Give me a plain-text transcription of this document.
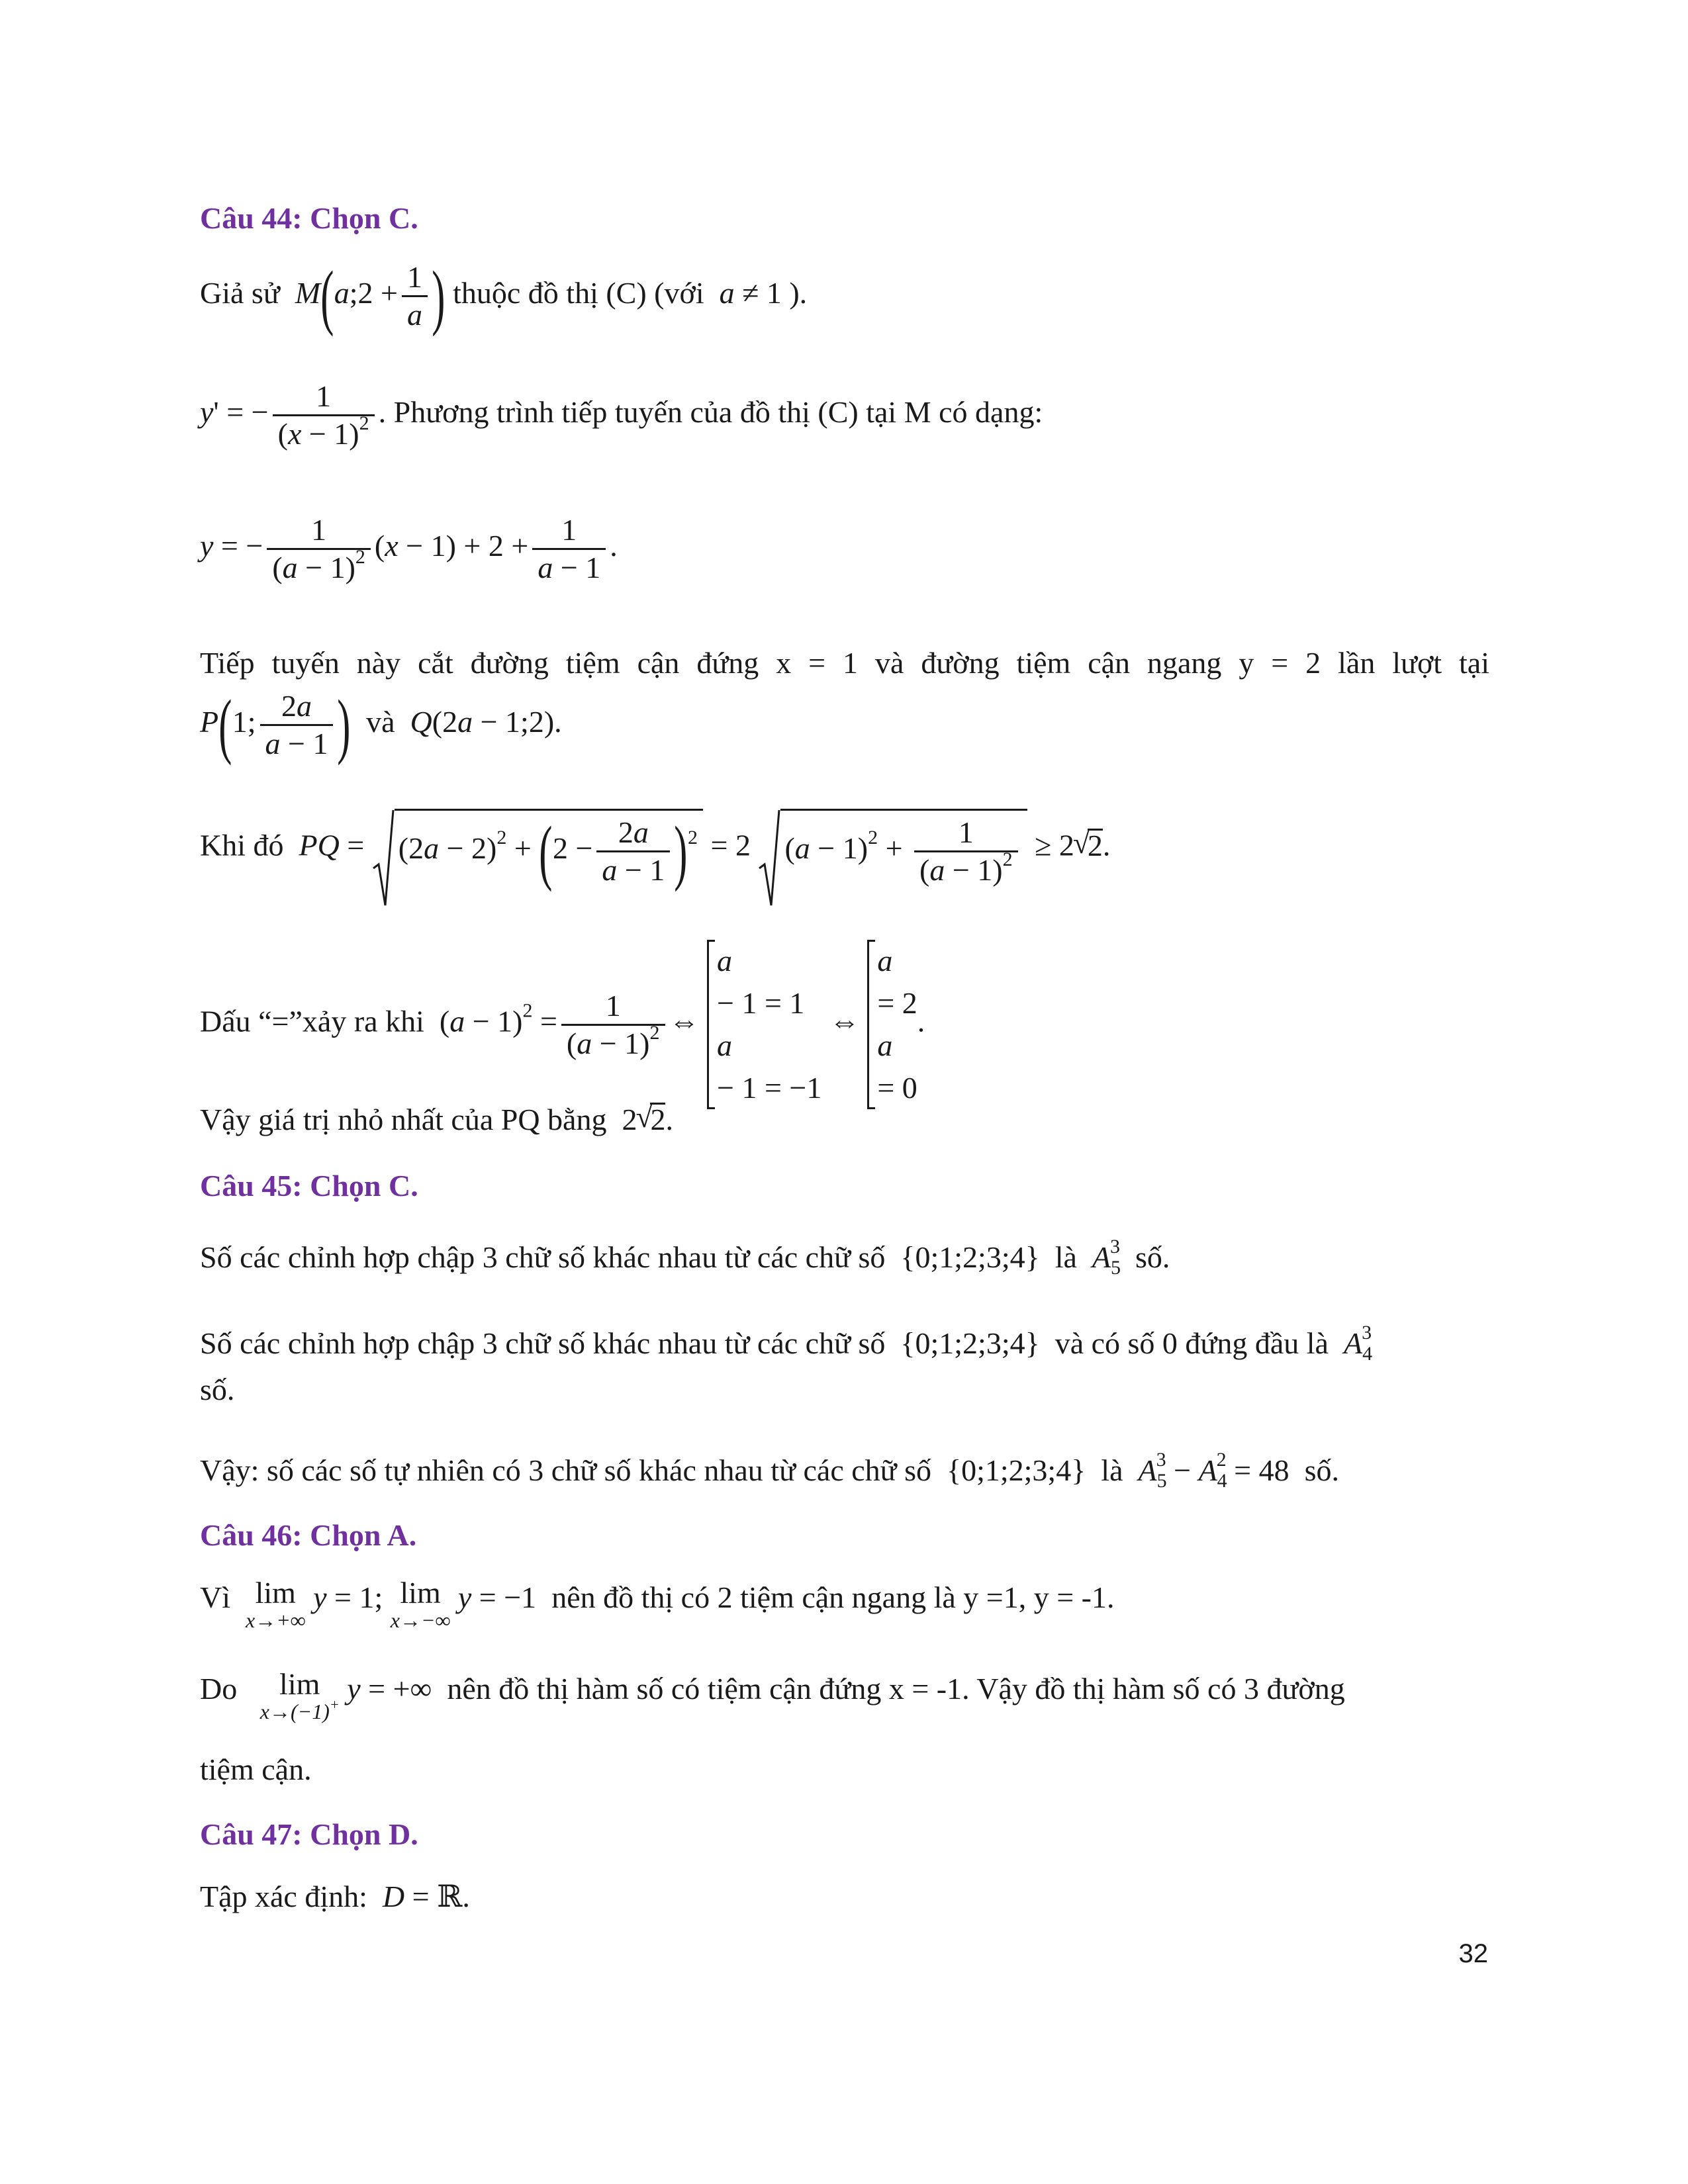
Câu 44: Chọn C.
Giả sử  M(a;2 + $\frac{1}{a}$ ) thuộc đồ thị (C) (với  a ≠ 1 ).
y' = − $\frac{1}{(x - 1)^2}$ . Phương trình tiếp tuyến của đồ thị (C) tại M có dạng:
y = − $\frac{1}{(a - 1)^2} (x - 1) + 2 + \frac{1}{a - 1}$ .
Tiếp tuyến này cắt đường tiệm cận đứng x = 1 và đường tiệm cận ngang y = 2 lần lượt tại
P(1; $\frac{2a}{a - 1}$ ) và Q(2a − 1;2).
Khi đó PQ =
$(2a - 2)^2 + (2 - \frac{2a}{a - 1} )^2 = 2$
$(a - 1)^2 + \frac{1}{(a - 1)^2} \ge 2√$ 2.
Dấu “=”xảy ra khi  $(a - 1)^2 = \frac{1}{(a - 1)^2}$ ⇔
a
− 1 = 1
a
− 1 = −1
⇔
a
= 2
a
= 0
.
Vậy giá trị nhỏ nhất của PQ bằng  2√ 2.
Câu 45: Chọn C.
Số các chỉnh hợp chập 3 chữ số khác nhau từ các chữ số {0;1;2;3;4} là $A_5^3$ số.
Số các chỉnh hợp chập 3 chữ số khác nhau từ các chữ số {0;1;2;3;4} và có số 0 đứng đầu là $A_4^3$
số.
Vậy: số các số tự nhiên có 3 chữ số khác nhau từ các chữ số {0;1;2;3;4} là $A_5^3 - A_4^2 = 48$ số.
Câu 46: Chọn A.
Vì lim
x→+∞
y = 1; lim
x→−∞
y = −1  nên đồ thị có 2 tiệm cận ngang là y =1, y = -1.
Do lim
x→(−1)+ y = +∞  nên đồ thị hàm số có tiệm cận đứng x = -1. Vậy đồ thị hàm số có 3 đường
tiệm cận.
Câu 47: Chọn D.
Tập xác định: D = ℝ.
32
